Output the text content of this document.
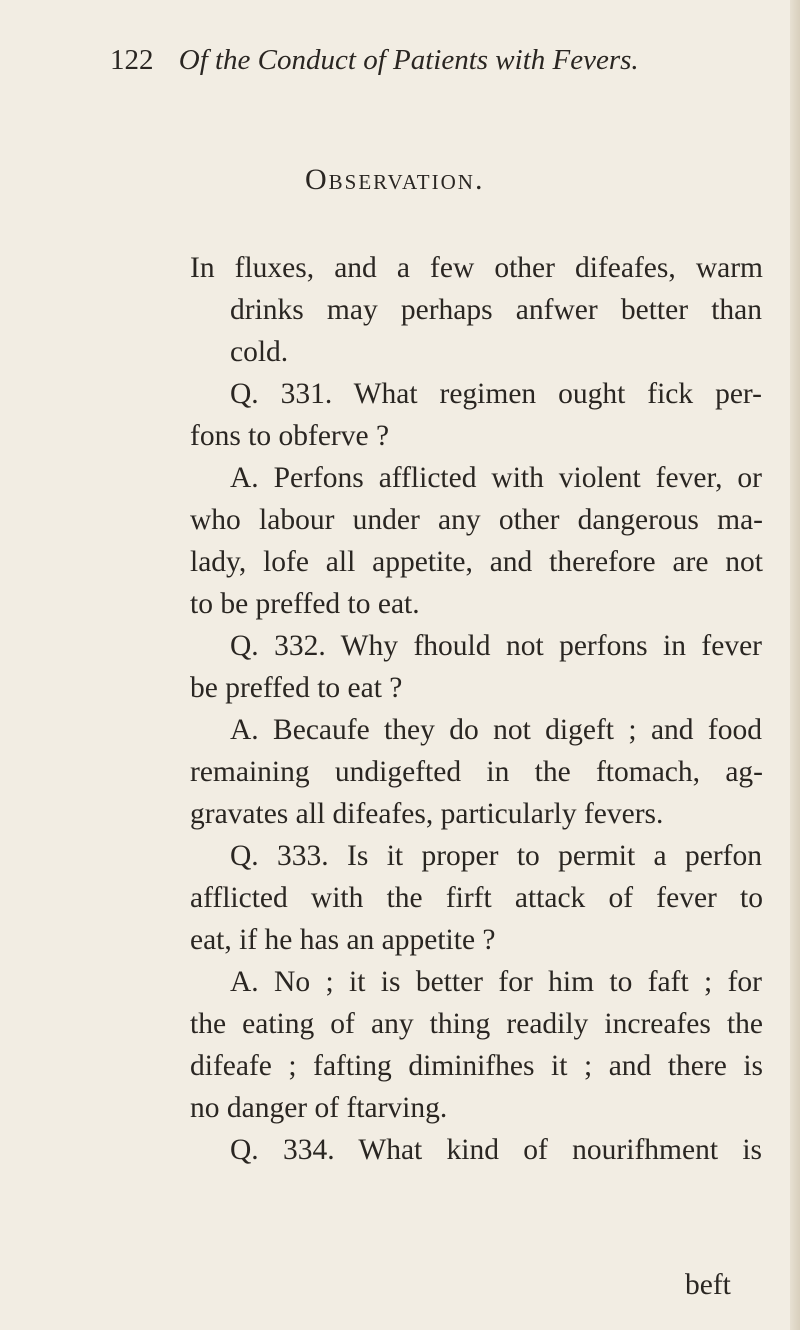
122 Of the Conduct of Patients with Fevers.
Observation.
In fluxes, and a few other difeafes, warm
drinks may perhaps anfwer better than
cold.
Q. 331. What regimen ought fick per-
fons to obferve ?
A. Perfons afflicted with violent fever, or
who labour under any other dangerous ma-
lady, lofe all appetite, and therefore are not
to be preffed to eat.
Q. 332. Why fhould not perfons in fever
be preffed to eat ?
A. Becaufe they do not digeft ; and food
remaining undigefted in the ftomach, ag-
gravates all difeafes, particularly fevers.
Q. 333. Is it proper to permit a perfon
afflicted with the firft attack of fever to
eat, if he has an appetite ?
A. No ; it is better for him to faft ; for
the eating of any thing readily increafes the
difeafe ; fafting diminifhes it ; and there is
no danger of ftarving.
Q. 334. What kind of nourifhment is
beft
